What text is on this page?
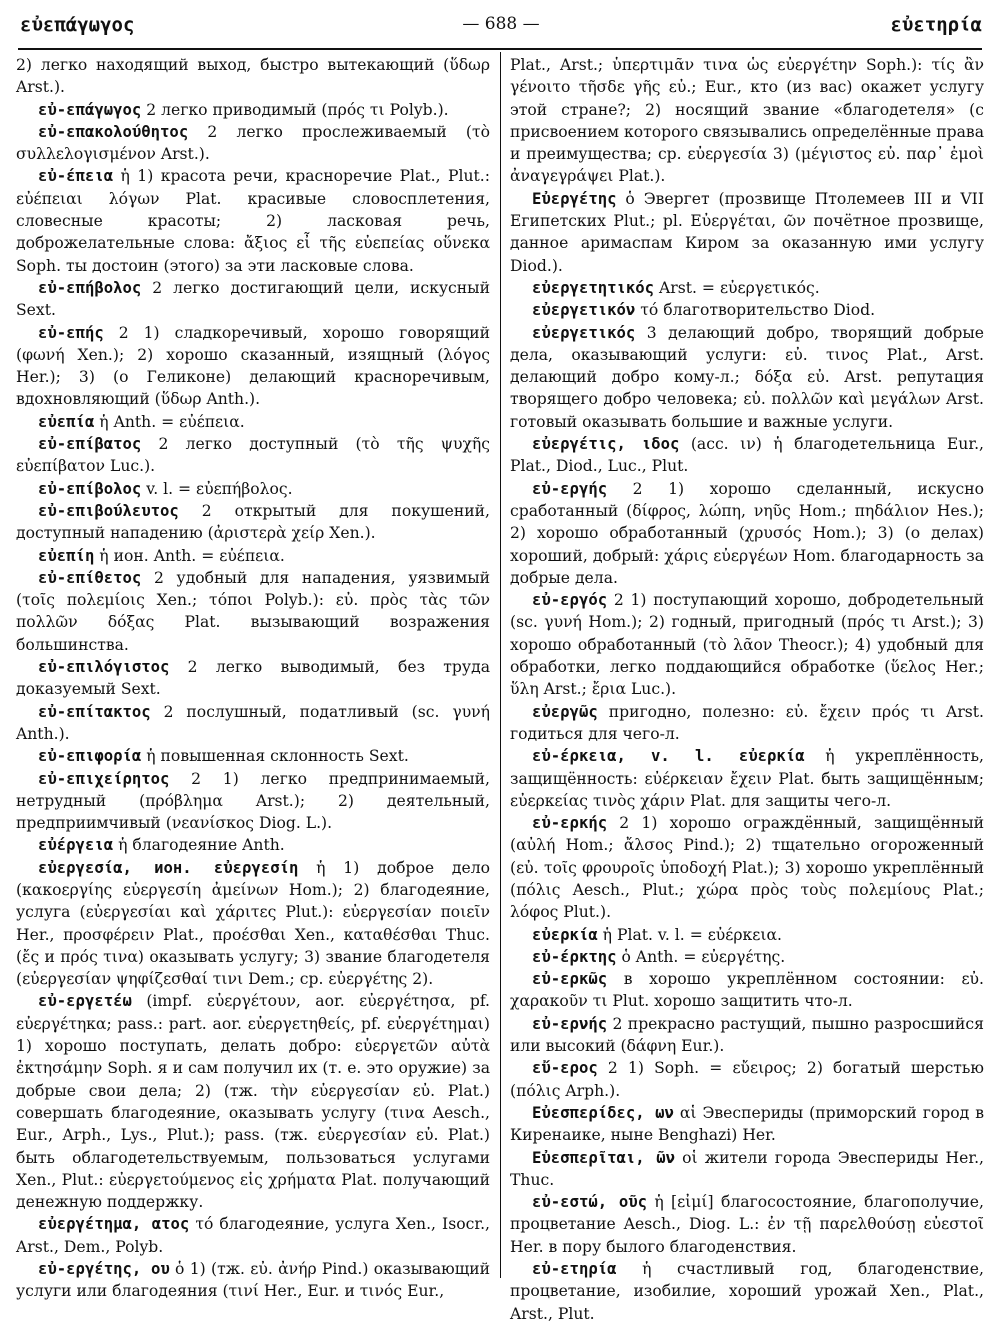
εὐεπάγωγος	— 688 —	εὐετηρία

2) легко находящий выход, быстро вытекающий (ὕδωρ Arst.).

εὐ-επάγωγος 2 легко приводимый (πρός τι Polyb.).

εὐ-επακολούθητος 2 легко прослеживаемый (τὸ συλλελογισμένον Arst.).

εὐ-έπεια ἡ 1) красота речи, красноречие Plat., Plut.: εὐέπειαι λόγων Plat. красивые словосплетения, словесные красоты; 2) ласковая речь, доброжелательные слова: ἄξιος εἶ τῆς εὐεπείας οὕνεκα Soph. ты достоин (этого) за эти ласковые слова.

εὐ-επήβολος 2 легко достигающий цели, искусный Sext.

εὐ-επής 2 1) сладкоречивый, хорошо говорящий (φωνή Xen.); 2) хорошо сказанный, изящный (λόγος Her.); 3) (о Геликоне) делающий красноречивым, вдохновляющий (ὕδωρ Anth.).

εὐεπία ἡ Anth. = εὐέπεια.

εὐ-επίβατος 2 легко доступный (τὸ τῆς ψυχῆς εὐεπίβατον Luc.).

εὐ-επίβολος v. l. = εὐεπήβολος.

εὐ-επιβούλευτος 2 открытый для покушений, доступный нападению (ἀριστερὰ χείρ Xen.).

εὐεπίη ἡ ион. Anth. = εὐέπεια.

εὐ-επίθετος 2 удобный для нападения, уязвимый (τοῖς πολεμίοις Xen.; τόποι Polyb.): εὐ. πρὸς τὰς τῶν πολλῶν δόξας Plat. вызывающий возражения большинства.

εὐ-επιλόγιστος 2 легко выводимый, без труда доказуемый Sext.

εὐ-επίτακτος 2 послушный, податливый (sc. γυνή Anth.).

εὐ-επιφορία ἡ повышенная склонность Sext.

εὐ-επιχείρητος 2 1) легко предпринимаемый, нетрудный (πρόβλημα Arst.); 2) деятельный, предприимчивый (νεανίσκος Diog. L.).

εὐέργεια ἡ благодеяние Anth.

εὐεργεσία, ион. εὐεργεσίη ἡ 1) доброе дело (κακοεργίης εὐεργεσίη ἀμείνων Hom.); 2) благодеяние, услуга (εὐεργεσίαι καὶ χάριτες Plut.): εὐεργεσίαν ποιεῖν Her., προσφέρειν Plat., προέσθαι Xen., καταθέσθαι Thuc. (ἔς и πρός τινα) оказывать услугу; 3) звание благодетеля (εὐεργεσίαν ψηφίζεσθαί τινι Dem.; ср. εὐεργέτης 2).

εὐ-εργετέω (impf. εὐεργέτουν, aor. εὐεργέτησα, pf. εὐεργέτηκα; pass.: part. aor. εὐεργετηθείς, pf. εὐεργέτημαι) 1) хорошо поступать, делать добро: εὐεργετῶν αὐτὰ ἐκτησάμην Soph. я и сам получил их (т. е. это оружие) за добрые свои дела; 2) (тж. τὴν εὐεργεσίαν εὐ. Plat.) совершать благодеяние, оказывать услугу (τινα Aesch., Eur., Arph., Lys., Plut.); pass. (тж. εὐεργεσίαν εὐ. Plat.) быть облагодетельствуемым, пользоваться услугами Xen., Plut.: εὐεργετούμενος εἰς χρήματα Plat. получающий денежную поддержку.

εὐεργέτημα, ατος τό благодеяние, услуга Xen., Isocr., Arst., Dem., Polyb.

εὐ-εργέτης, ου ὁ 1) (тж. εὐ. ἀνήρ Pind.) оказывающий услуги или благодеяния (τινί Her., Eur. и τινός Eur.,

Plat., Arst.; ὑπερτιμᾶν τινα ὡς εὐεργέτην Soph.): τίς ἂν γένοιτο τῆσδε γῆς εὐ.; Eur., кто (из вас) окажет услугу этой стране?; 2) носящий звание «благодетеля» (с присвоением которого связывались определённые права и преимущества; ср. εὐεργεσία 3) (μέγιστος εὐ. παρ᾽ ἐμοὶ ἀναγεγράψει Plat.).

Εὐεργέτης ὁ Эвергет (прозвище Птолемеев III и VII Египетских Plut.; pl. Εὐεργέται, ῶν почётное прозвище, данное аримаспам Киром за оказанную ими услугу Diod.).

εὐεργετητικός Arst. = εὐεργετικός.

εὐεργετικόν τό благотворительство Diod.

εὐεργετικός 3 делающий добро, творящий добрые дела, оказывающий услуги: εὐ. τινος Plat., Arst. делающий добро кому-л.; δόξα εὐ. Arst. репутация творящего добро человека; εὐ. πολλῶν καὶ μεγάλων Arst. готовый оказывать большие и важные услуги.

εὐεργέτις, ιδος (acc. ιν) ἡ благодетельница Eur., Plat., Diod., Luc., Plut.

εὐ-εργής 2 1) хорошо сделанный, искусно сработанный (δίφρος, λώπη, νηῦς Hom.; πηδάλιον Hes.); 2) хорошо обработанный (χρυσός Hom.); 3) (о делах) хороший, добрый: χάρις εὐεργέων Hom. благодарность за добрые дела.

εὐ-εργός 2 1) поступающий хорошо, добродетельный (sc. γυνή Hom.); 2) годный, пригодный (πρός τι Arst.); 3) хорошо обработанный (τὸ λᾶον Theocr.); 4) удобный для обработки, легко поддающийся обработке (ὕελος Her.; ὕλη Arst.; ἔρια Luc.).

εὐεργῶς пригодно, полезно: εὐ. ἔχειν πρός τι Arst. годиться для чего-л.

εὐ-έρκεια, v. l. εὐερκία ἡ укреплённость, защищённость: εὐέρκειαν ἔχειν Plat. быть защищённым; εὐερκείας τινὸς χάριν Plat. для защиты чего-л.

εὐ-ερκής 2 1) хорошо ограждённый, защищённый (αὐλή Hom.; ἄλσος Pind.); 2) тщательно огороженный (εὐ. τοῖς φρουροῖς ὑποδοχή Plat.); 3) хорошо укреплённый (πόλις Aesch., Plut.; χώρα πρὸς τοὺς πολεμίους Plat.; λόφος Plut.).

εὐερκία ἡ Plat. v. l. = εὐέρκεια.

εὐ-έρκτης ὁ Anth. = εὐεργέτης.

εὐ-ερκῶς в хорошо укреплённом состоянии: εὐ. χαρακοῦν τι Plut. хорошо защитить что-л.

εὐ-ερνής 2 прекрасно растущий, пышно разросшийся или высокий (δάφνη Eur.).

εὔ-ερος 2 1) Soph. = εὔειρος; 2) богатый шерстью (πόλις Arph.).

Εὐεσπερίδες, ων αἱ Эвеспериды (приморский город в Киренаике, ныне Benghazi) Her.

Εὐεσπερῖται, ῶν οἱ жители города Эвеспериды Her., Thuc.

εὐ-εστώ, οῦς ἡ [εἰμί] благосостояние, благополучие, процветание Aesch., Diog. L.: ἐν τῇ παρελθούσῃ εὐεστοῖ Her. в пору былого благоденствия.

εὐ-ετηρία ἡ счастливый год, благоденствие, процветание, изобилие, хороший урожай Xen., Plat., Arst., Plut.
